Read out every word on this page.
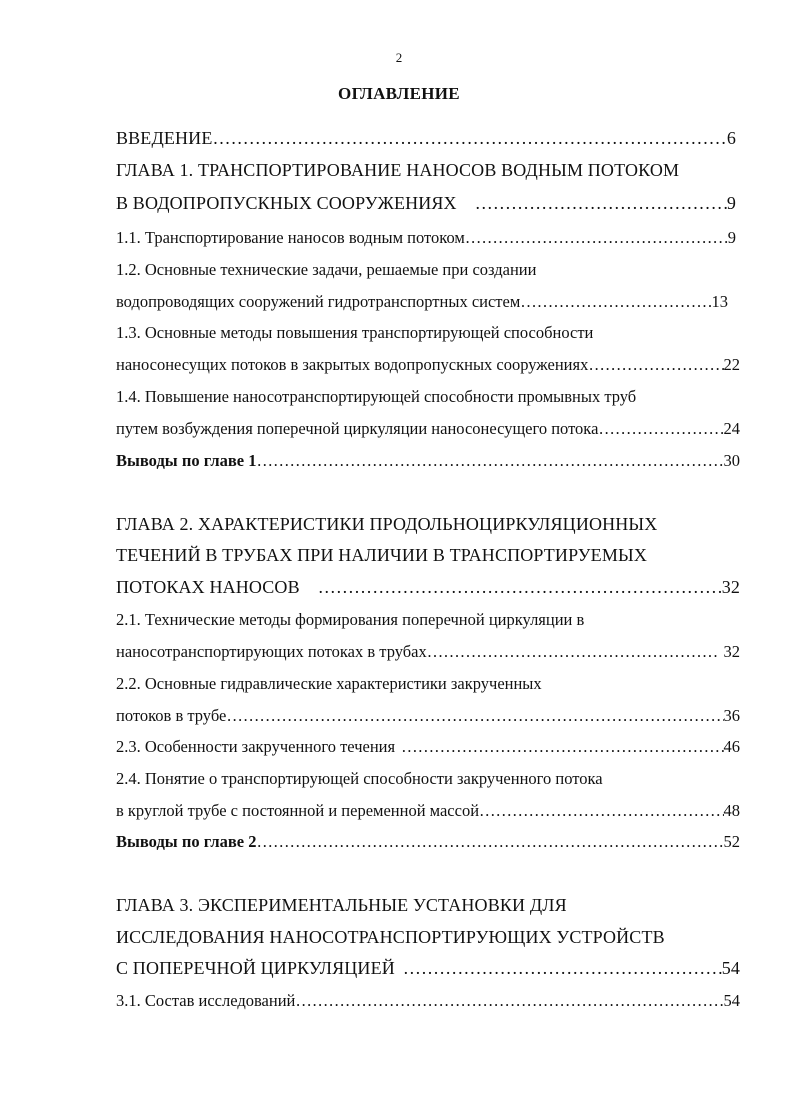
2
ОГЛАВЛЕНИЕ
ВВЕДЕНИЕ ………………………………………………………………………………………………………………………………………………………………………………………………………	6
ГЛАВА 1. ТРАНСПОРТИРОВАНИЕ НАНОСОВ ВОДНЫМ ПОТОКОМ
В ВОДОПРОПУСКНЫХ СООРУЖЕНИЯХ ………………………………………………………………………………………………………………………………………………………………………………………………………	9
1.1. Транспортирование наносов водным потоком ………………………………………………………………………………………………………………………………………………………………………………………………………	9
1.2. Основные технические задачи, решаемые при создании
водопроводящих сооружений гидротранспортных систем ………………………………………………………………………………………………………………………………………………………………………………………………………	13
1.3. Основные методы повышения транспортирующей способности
наносонесущих потоков в закрытых водопропускных сооружениях ………………………………………………………………………………………………………………………………………………………………………………………………………	22
1.4. Повышение наносотранспортирующей способности промывных труб
путем возбуждения поперечной циркуляции наносонесущего потока ………………………………………………………………………………………………………………………………………………………………………………………………………	24
Выводы по главе 1 ………………………………………………………………………………………………………………………………………………………………………………………………………	30
ГЛАВА 2. ХАРАКТЕРИСТИКИ ПРОДОЛЬНОЦИРКУЛЯЦИОННЫХ
ТЕЧЕНИЙ В ТРУБАХ ПРИ НАЛИЧИИ В ТРАНСПОРТИРУЕМЫХ
ПОТОКАХ НАНОСОВ ………………………………………………………………………………………………………………………………………………………………………………………………………	32
2.1. Технические методы формирования поперечной циркуляции в
наносотранспортирующих потоках в трубах ………………………………………………………………………………………………………………………………………………………………………………………………………	32
2.2. Основные гидравлические характеристики закрученных
потоков в трубе ………………………………………………………………………………………………………………………………………………………………………………………………………	36
2.3. Особенности закрученного течения ………………………………………………………………………………………………………………………………………………………………………………………………………	46
2.4. Понятие о транспортирующей способности закрученного потока
в круглой трубе с постоянной и переменной массой ………………………………………………………………………………………………………………………………………………………………………………………………………	48
Выводы по главе 2 ………………………………………………………………………………………………………………………………………………………………………………………………………	52
ГЛАВА 3. ЭКСПЕРИМЕНТАЛЬНЫЕ УСТАНОВКИ ДЛЯ
ИССЛЕДОВАНИЯ НАНОСОТРАНСПОРТИРУЮЩИХ УСТРОЙСТВ
С ПОПЕРЕЧНОЙ ЦИРКУЛЯЦИЕЙ ………………………………………………………………………………………………………………………………………………………………………………………………………	54
3.1. Состав исследований ………………………………………………………………………………………………………………………………………………………………………………………………………	54
